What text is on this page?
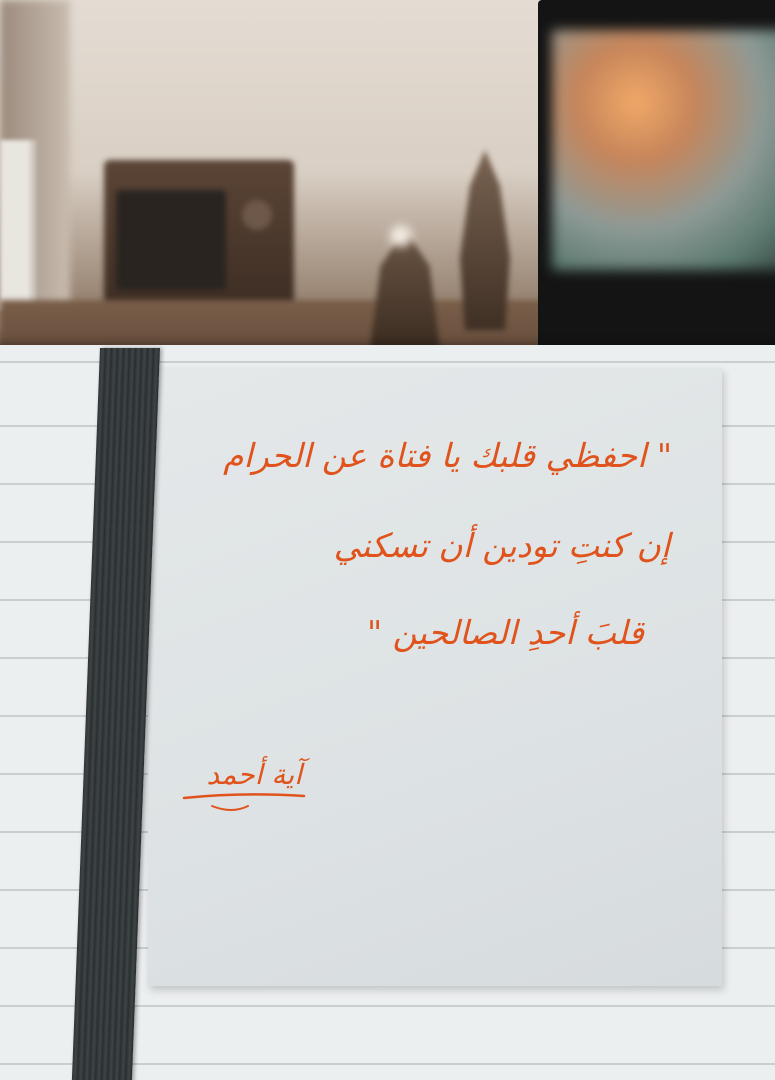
" احفظي قلبك يا فتاة عن الحرام
إن كنتِ تودين أن تسكني
قلبَ أحدِ الصالحين "
آية أحمد
